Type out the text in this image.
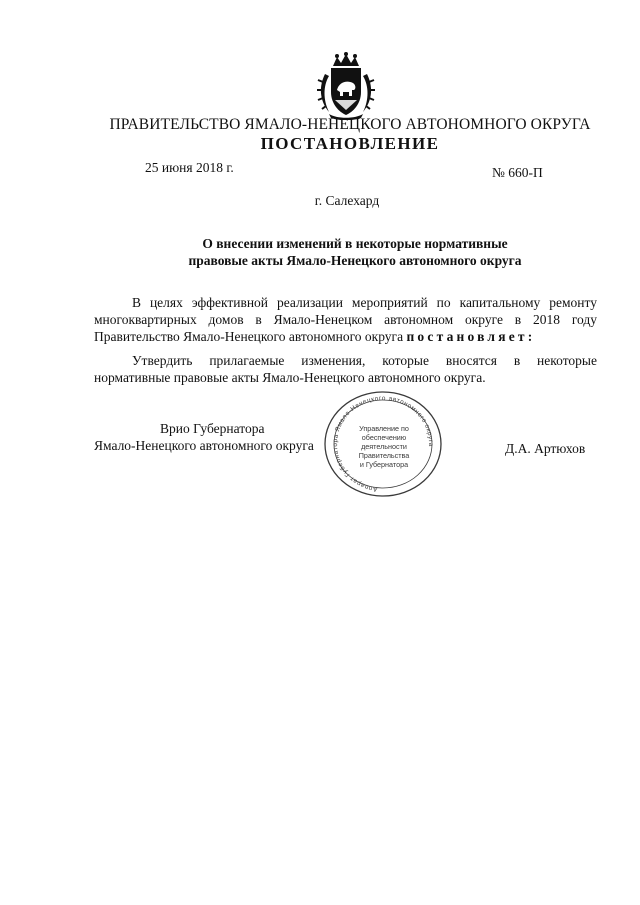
ПРАВИТЕЛЬСТВО ЯМАЛО-НЕНЕЦКОГО АВТОНОМНОГО ОКРУГА
ПОСТАНОВЛЕНИЕ
25 июня 2018 г.	№ 660-П
г. Салехард
О внесении изменений в некоторые нормативные
правовые акты Ямало-Ненецкого автономного округа
В целях эффективной реализации мероприятий по капитальному ремонту
многоквартирных домов в Ямало-Ненецком автономном округе в 2018 году
Правительство Ямало-Ненецкого автономного округа постановляет:
Утвердить прилагаемые изменения, которые вносятся в некоторые
нормативные правовые акты Ямало-Ненецкого автономного округа.
Аппарат Губернатора Ямало-Ненецкого автономного округа
Управление по
обеспечению
деятельности
Правительства
и Губернатора
Врио Губернатора
Ямало-Ненецкого автономного округа	Д.А. Артюхов
